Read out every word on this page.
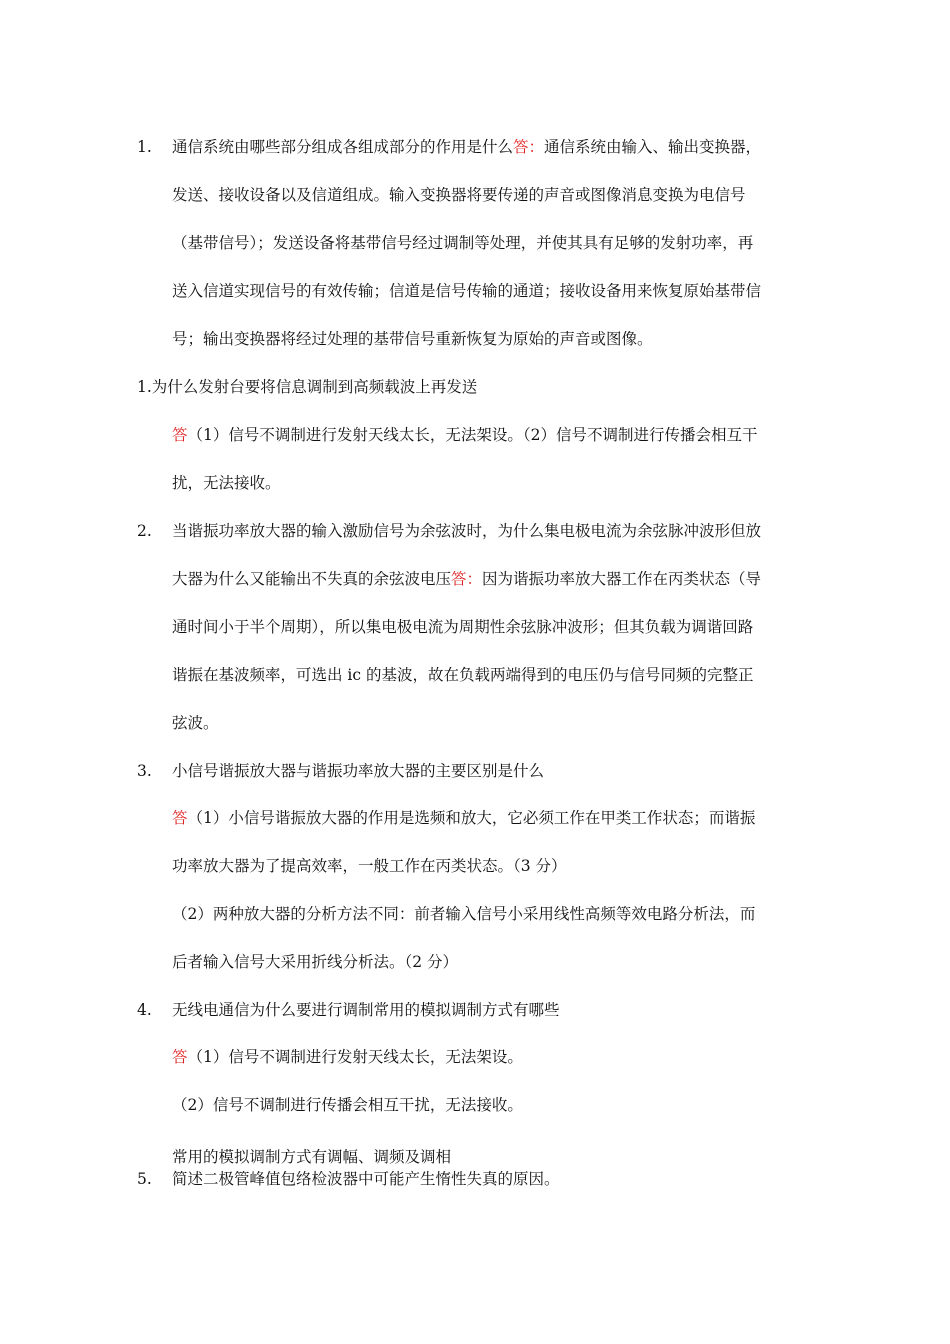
1. 通信系统由哪些部分组成各组成部分的作用是什么答：通信系统由输入、输出变换器，
发送、接收设备以及信道组成。输入变换器将要传递的声音或图像消息变换为电信号
（基带信号）；发送设备将基带信号经过调制等处理，并使其具有足够的发射功率，再
送入信道实现信号的有效传输；信道是信号传输的通道；接收设备用来恢复原始基带信
号；输出变换器将经过处理的基带信号重新恢复为原始的声音或图像。
1.为什么发射台要将信息调制到高频载波上再发送
答（1）信号不调制进行发射天线太长，无法架设。（2）信号不调制进行传播会相互干
扰，无法接收。
2. 当谐振功率放大器的输入激励信号为余弦波时，为什么集电极电流为余弦脉冲波形但放
大器为什么又能输出不失真的余弦波电压答：因为谐振功率放大器工作在丙类状态（导
通时间小于半个周期），所以集电极电流为周期性余弦脉冲波形；但其负载为调谐回路
谐振在基波频率，可选出 ic 的基波，故在负载两端得到的电压仍与信号同频的完整正
弦波。
3. 小信号谐振放大器与谐振功率放大器的主要区别是什么
答（1）小信号谐振放大器的作用是选频和放大，它必须工作在甲类工作状态；而谐振
功率放大器为了提高效率，一般工作在丙类状态。（3 分）
（2）两种放大器的分析方法不同：前者输入信号小采用线性高频等效电路分析法，而
后者输入信号大采用折线分析法。（2 分）
4. 无线电通信为什么要进行调制常用的模拟调制方式有哪些
答（1）信号不调制进行发射天线太长，无法架设。
（2）信号不调制进行传播会相互干扰，无法接收。
常用的模拟调制方式有调幅、调频及调相
5. 简述二极管峰值包络检波器中可能产生惰性失真的原因。
